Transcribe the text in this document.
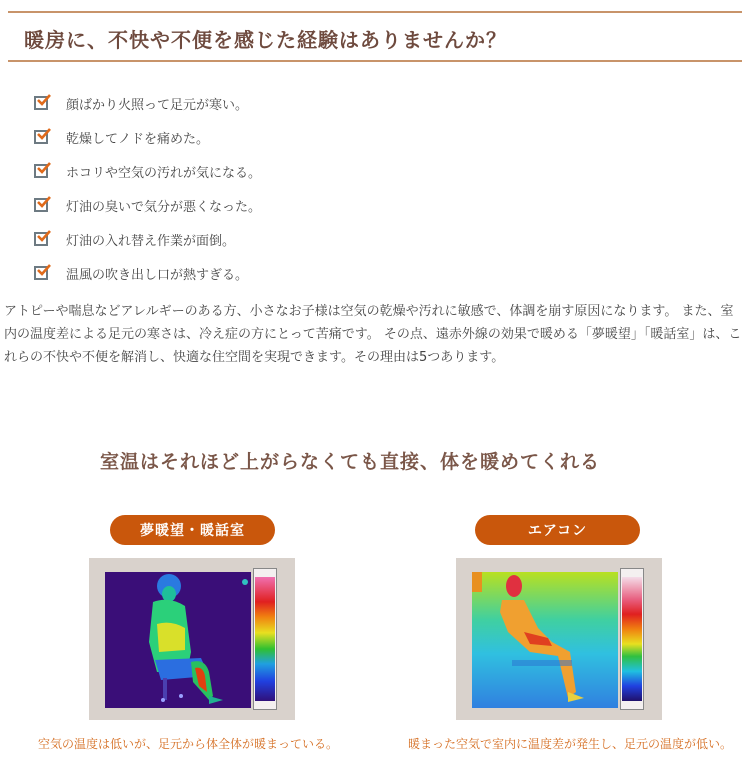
暖房に、不快や不便を感じた経験はありませんか？
顔ばかり火照って足元が寒い。
乾燥してノドを痛めた。
ホコリや空気の汚れが気になる。
灯油の臭いで気分が悪くなった。
灯油の入れ替え作業が面倒。
温風の吹き出し口が熱すぎる。

アトピーや喘息などアレルギーのある方、小さなお子様は空気の乾燥や汚れに敏感で、体調を崩す原因になります。 また、室内の温度差による足元の寒さは、冷え症の方にとって苦痛です。 その点、遠赤外線の効果で暖める「夢暖望」「暖話室」は、これらの不快や不便を解消し、快適な住空間を実現できます。その理由は5つあります。

室温はそれほど上がらなくても直接、体を暖めてくれる
夢暖望・暖話室
空気の温度は低いが、足元から体全体が暖まっている。
エアコン
暖まった空気で室内に温度差が発生し、足元の温度が低い。
